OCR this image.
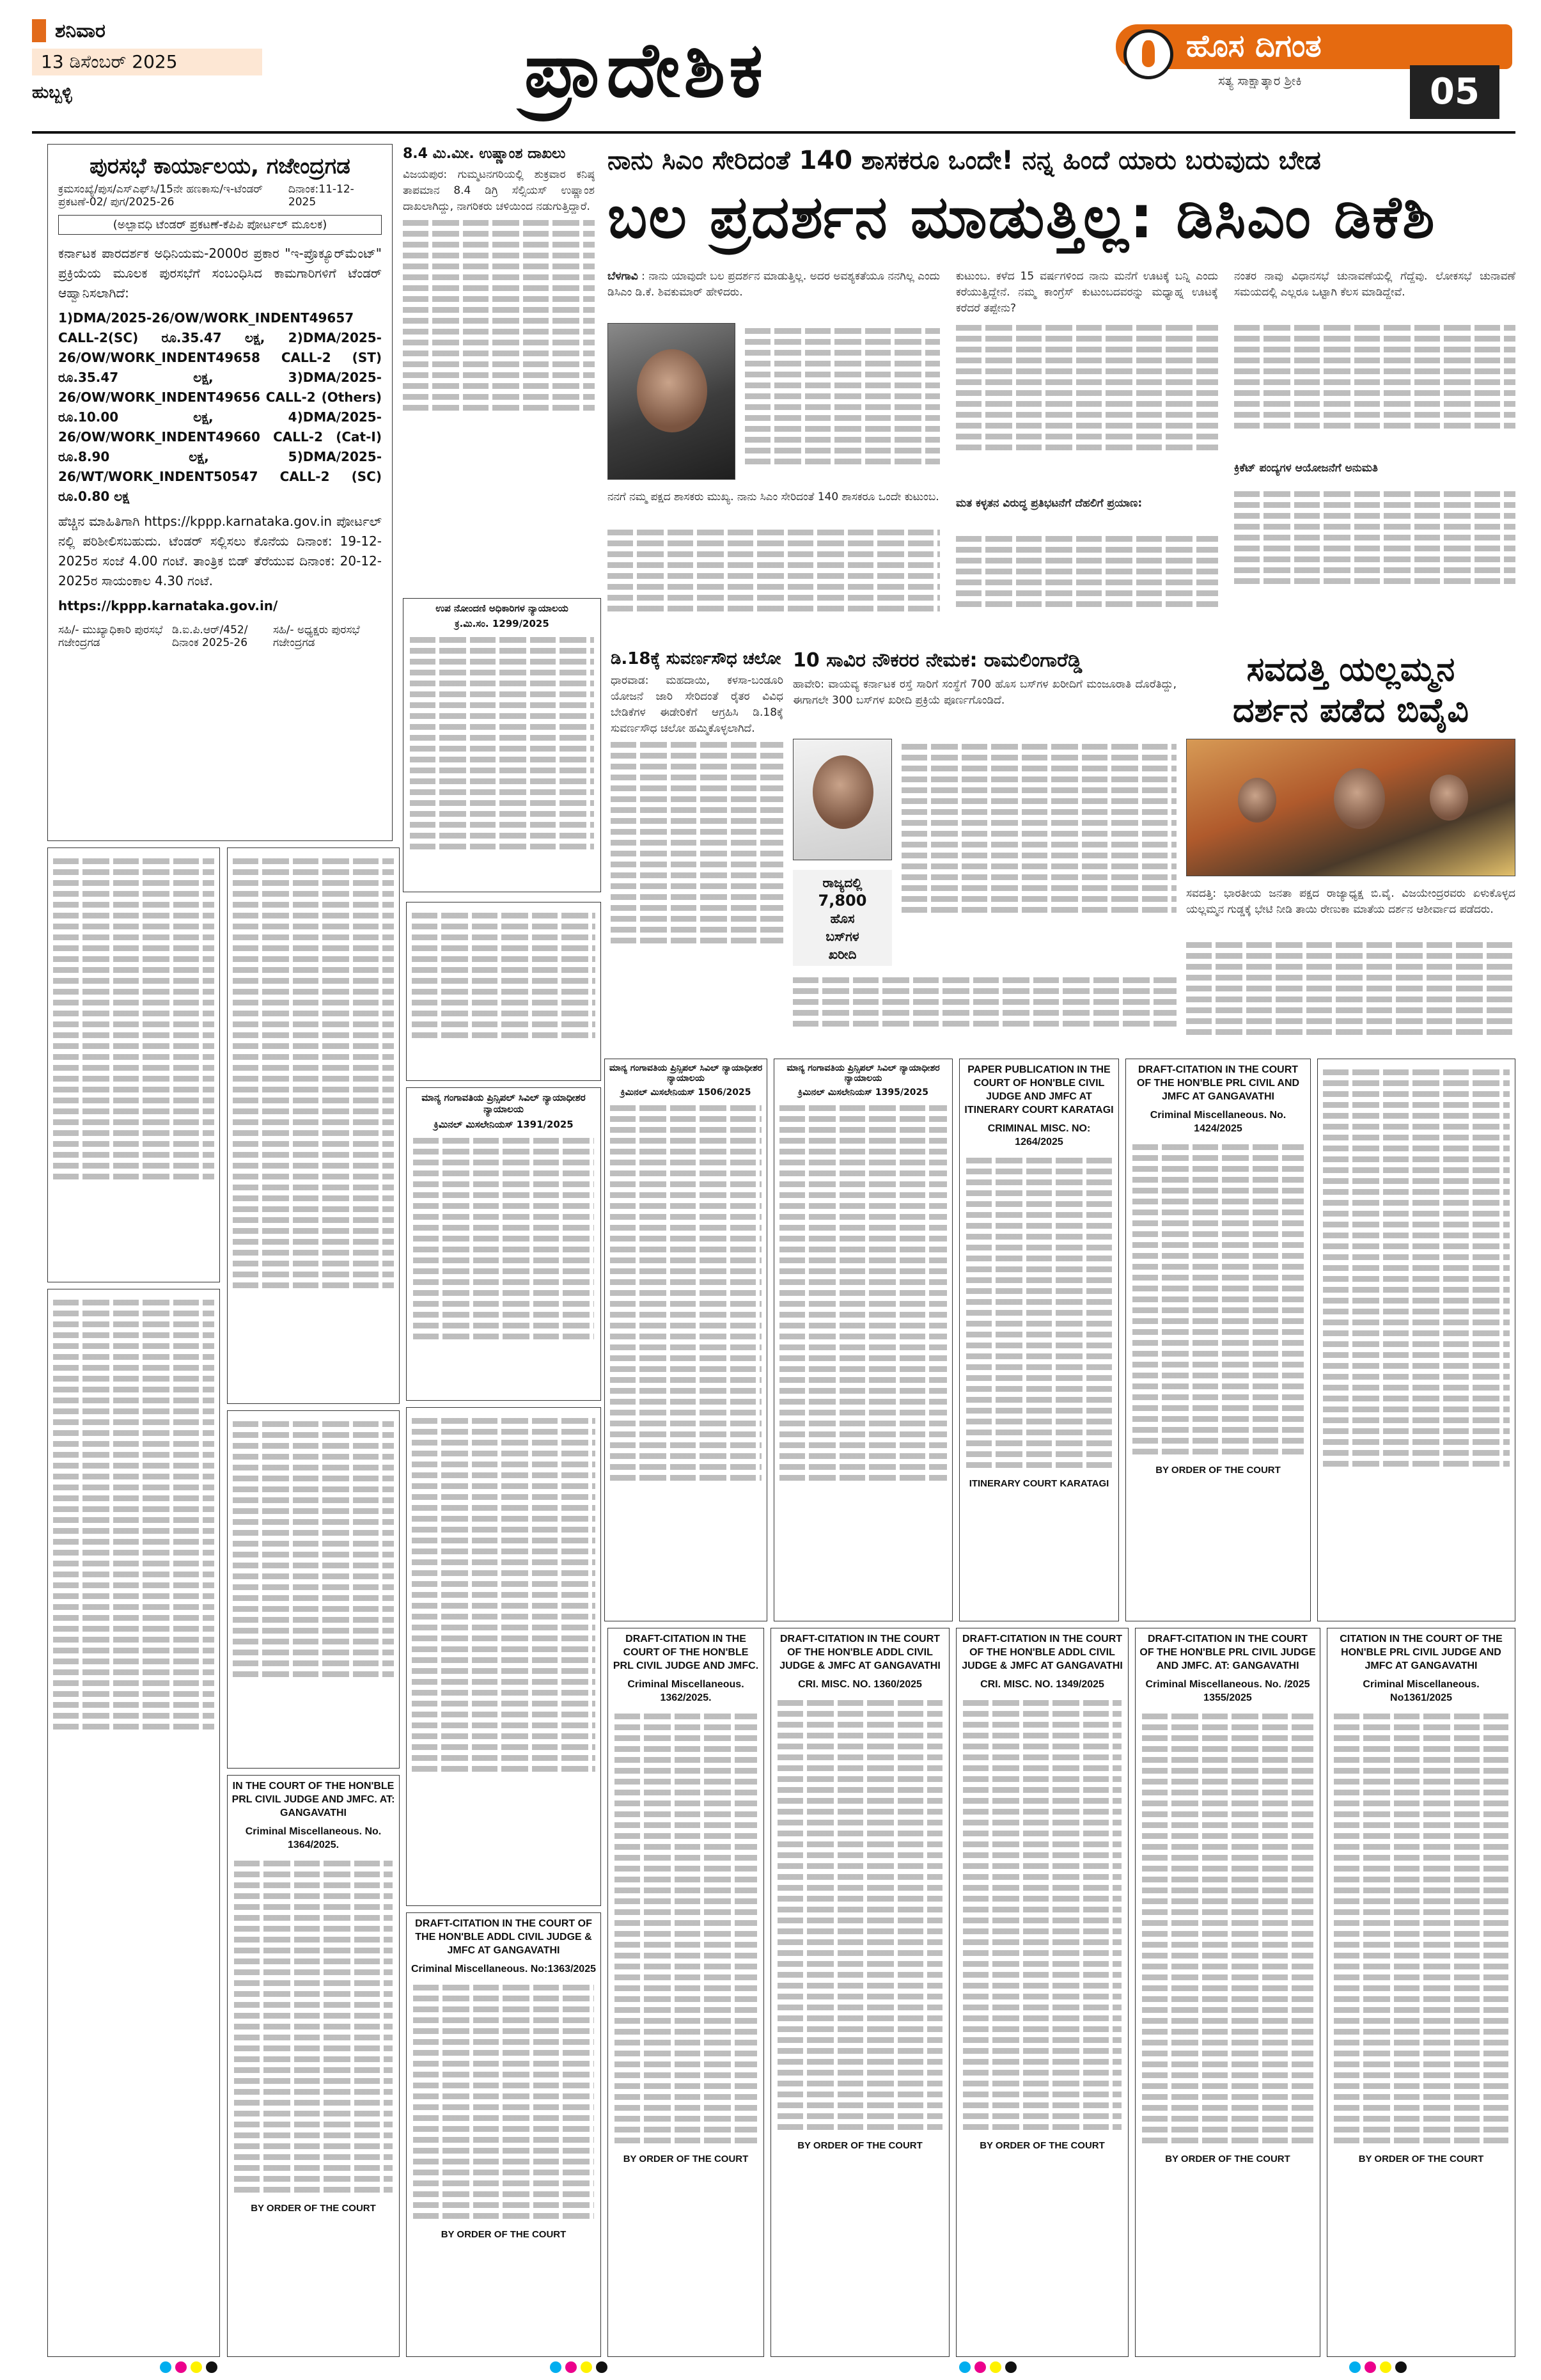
ಶನಿವಾರ
13 ಡಿಸೆಂಬರ್ 2025
ಹುಬ್ಬಳ್ಳಿ	ಪ್ರಾದೇಶಿಕ	ಹೊಸ ದಿಗಂತ
ಸತ್ಯ ಸಾಕ್ಷಾತ್ಕಾರ ಶ್ರೀಕಿ	05
ಪುರಸಭೆ ಕಾರ್ಯಾಲಯ, ಗಜೇಂದ್ರಗಡ
ಕ್ರಮಸಂಖ್ಯೆ/ಪುಸ/ಎಸ್‌ಎಫ್‌ಸಿ/15ನೇ ಹಣಕಾಸು/ಇ-ಟೆಂಡರ್ ಪ್ರಕಟಣೆ-02/ ಪುಗ/2025-26
ದಿನಾಂಕ:11-12-2025
(ಅಲ್ಪಾವಧಿ ಟೆಂಡರ್ ಪ್ರಕಟಣೆ-ಕೆಪಿಪಿ ಪೋರ್ಟಲ್ ಮೂಲಕ)
ಕರ್ನಾಟಕ ಪಾರದರ್ಶಕ ಅಧಿನಿಯಮ-2000ರ ಪ್ರಕಾರ "ಇ-ಪ್ರೊಕ್ಯೂರ್‌ಮೆಂಟ್" ಪ್ರಕ್ರಿಯೆಯ ಮೂಲಕ ಪುರಸಭೆಗೆ ಸಂಬಂಧಿಸಿದ ಕಾಮಗಾರಿಗಳಿಗೆ ಟೆಂಡರ್ ಆಹ್ವಾನಿಸಲಾಗಿದೆ:
1)DMA/2025-26/OW/WORK_INDENT49657 CALL-2(SC) ರೂ.35.47 ಲಕ್ಷ, 2)DMA/2025-26/OW/WORK_INDENT49658 CALL-2 (ST) ರೂ.35.47 ಲಕ್ಷ, 3)DMA/2025-26/OW/WORK_INDENT49656 CALL-2 (Others) ರೂ.10.00 ಲಕ್ಷ, 4)DMA/2025-26/OW/WORK_INDENT49660 CALL-2 (Cat-I) ರೂ.8.90 ಲಕ್ಷ, 5)DMA/2025-26/WT/WORK_INDENT50547 CALL-2 (SC) ರೂ.0.80 ಲಕ್ಷ
ಹೆಚ್ಚಿನ ಮಾಹಿತಿಗಾಗಿ https://kppp.karnataka.gov.in ಪೋರ್ಟಲ್ ನಲ್ಲಿ ಪರಿಶೀಲಿಸಬಹುದು. ಟೆಂಡರ್ ಸಲ್ಲಿಸಲು ಕೊನೆಯ ದಿನಾಂಕ: 19-12-2025ರ ಸಂಜೆ 4.00 ಗಂಟೆ. ತಾಂತ್ರಿಕ ಬಿಡ್ ತೆರೆಯುವ ದಿನಾಂಕ: 20-12-2025ರ ಸಾಯಂಕಾಲ 4.30 ಗಂಟೆ.
https://kppp.karnataka.gov.in/
ಸಹಿ/- ಮುಖ್ಯಾಧಿಕಾರಿ ಪುರಸಭೆ ಗಜೇಂದ್ರಗಡ
ಡಿ.ಐ.ಪಿ.ಆರ್/452/ ದಿನಾಂಕ 2025-26
ಸಹಿ/- ಅಧ್ಯಕ್ಷರು ಪುರಸಭೆ ಗಜೇಂದ್ರಗಡ
8.4 ಮಿ.ಮೀ. ಉಷ್ಣಾಂಶ ದಾಖಲು
ವಿಜಯಪುರ: ಗುಮ್ಮಟನಗರಿಯಲ್ಲಿ ಶುಕ್ರವಾರ ಕನಿಷ್ಠ ತಾಪಮಾನ 8.4 ಡಿಗ್ರಿ ಸೆಲ್ಸಿಯಸ್ ಉಷ್ಣಾಂಶ ದಾಖಲಾಗಿದ್ದು, ನಾಗರಿಕರು ಚಳಿಯಿಂದ ನಡುಗುತ್ತಿದ್ದಾರೆ.
ನಾನು ಸಿಎಂ ಸೇರಿದಂತೆ 140 ಶಾಸಕರೂ ಒಂದೇ! ನನ್ನ ಹಿಂದೆ ಯಾರು ಬರುವುದು ಬೇಡ
ಬಲ ಪ್ರದರ್ಶನ ಮಾಡುತ್ತಿಲ್ಲ: ಡಿಸಿಎಂ ಡಿಕೆಶಿ
ಬೆಳಗಾವಿ : ನಾನು ಯಾವುದೇ ಬಲ ಪ್ರದರ್ಶನ ಮಾಡುತ್ತಿಲ್ಲ. ಅದರ ಅವಶ್ಯಕತೆಯೂ ನನಗಿಲ್ಲ ಎಂದು ಡಿಸಿಎಂ ಡಿ.ಕೆ. ಶಿವಕುಮಾರ್ ಹೇಳಿದರು.
ನನಗೆ ನಮ್ಮ ಪಕ್ಷದ ಶಾಸಕರು ಮುಖ್ಯ. ನಾನು ಸಿಎಂ ಸೇರಿದಂತೆ 140 ಶಾಸಕರೂ ಒಂದೇ ಕುಟುಂಬ.
ಕುಟುಂಬ. ಕಳೆದ 15 ವರ್ಷಗಳಿಂದ ನಾನು ಮನೆಗೆ ಊಟಕ್ಕೆ ಬನ್ನಿ ಎಂದು ಕರೆಯುತ್ತಿದ್ದೇನೆ. ನಮ್ಮ ಕಾಂಗ್ರೆಸ್ ಕುಟುಂಬದವರನ್ನು ಮಧ್ಯಾಹ್ನ ಊಟಕ್ಕೆ ಕರೆದರೆ ತಪ್ಪೇನು?
ಮತ ಕಳ್ಳತನ ವಿರುದ್ಧ ಪ್ರತಿಭಟನೆಗೆ ದೆಹಲಿಗೆ ಪ್ರಯಾಣ:
ನಂತರ ನಾವು ವಿಧಾನಸಭೆ ಚುನಾವಣೆಯಲ್ಲಿ ಗೆದ್ದೆವು. ಲೋಕಸಭೆ ಚುನಾವಣೆ ಸಮಯದಲ್ಲಿ ಎಲ್ಲರೂ ಒಟ್ಟಾಗಿ ಕೆಲಸ ಮಾಡಿದ್ದೇವೆ.
ಕ್ರಿಕೆಟ್ ಪಂದ್ಯಗಳ ಆಯೋಜನೆಗೆ ಅನುಮತಿ
ಉಪ ನೋಂದಣಿ ಅಧಿಕಾರಿಗಳ ನ್ಯಾಯಾಲಯ
ಕ್ರ.ಮಿ.ಸಂ. 1299/2025
ಡಿ.18ಕ್ಕೆ ಸುವರ್ಣಸೌಧ ಚಲೋ
ಧಾರವಾಡ: ಮಹದಾಯಿ, ಕಳಸಾ-ಬಂಡೂರಿ ಯೋಜನೆ ಜಾರಿ ಸೇರಿದಂತೆ ರೈತರ ವಿವಿಧ ಬೇಡಿಕೆಗಳ ಈಡೇರಿಕೆಗೆ ಆಗ್ರಹಿಸಿ ಡಿ.18ಕ್ಕೆ ಸುವರ್ಣಸೌಧ ಚಲೋ ಹಮ್ಮಿಕೊಳ್ಳಲಾಗಿದೆ.
10 ಸಾವಿರ ನೌಕರರ ನೇಮಕ: ರಾಮಲಿಂಗಾರೆಡ್ಡಿ
ಹಾವೇರಿ: ವಾಯವ್ಯ ಕರ್ನಾಟಕ ರಸ್ತೆ ಸಾರಿಗೆ ಸಂಸ್ಥೆಗೆ 700 ಹೊಸ ಬಸ್‌ಗಳ ಖರೀದಿಗೆ ಮಂಜೂರಾತಿ ದೊರೆತಿದ್ದು, ಈಗಾಗಲೇ 300 ಬಸ್‌ಗಳ ಖರೀದಿ ಪ್ರಕ್ರಿಯೆ ಪೂರ್ಣಗೊಂಡಿದೆ.
ರಾಜ್ಯದಲ್ಲಿ
7,800
ಹೊಸ
ಬಸ್‌ಗಳ
ಖರೀದಿ
ಸವದತ್ತಿ ಯಲ್ಲಮ್ಮನ
ದರ್ಶನ ಪಡೆದ ಬಿವೈವಿ
ಸವದತ್ತಿ: ಭಾರತೀಯ ಜನತಾ ಪಕ್ಷದ ರಾಜ್ಯಾಧ್ಯಕ್ಷ ಬಿ.ವೈ. ವಿಜಯೇಂದ್ರರವರು ಏಳುಕೊಳ್ಳದ ಯಲ್ಲಮ್ಮನ ಗುಡ್ಡಕ್ಕೆ ಭೇಟಿ ನೀಡಿ ತಾಯಿ ರೇಣುಕಾ ಮಾತೆಯ ದರ್ಶನ ಆಶೀರ್ವಾದ ಪಡೆದರು.
ಮಾನ್ಯ ಗಂಗಾವತಿಯ ಪ್ರಿನ್ಸಿಪಲ್ ಸಿವಿಲ್ ನ್ಯಾಯಾಧೀಶರ ನ್ಯಾಯಾಲಯ
ಕ್ರಿಮಿನಲ್ ಮಿಸಲೇನಿಯಸ್ 1391/2025
ಮಾನ್ಯ ಗಂಗಾವತಿಯ ಪ್ರಿನ್ಸಿಪಲ್ ಸಿವಿಲ್ ನ್ಯಾಯಾಧೀಶರ ನ್ಯಾಯಾಲಯ
ಕ್ರಿಮಿನಲ್ ಮಿಸಲೇನಿಯಸ್ 1506/2025
ಮಾನ್ಯ ಗಂಗಾವತಿಯ ಪ್ರಿನ್ಸಿಪಲ್ ಸಿವಿಲ್ ನ್ಯಾಯಾಧೀಶರ ನ್ಯಾಯಾಲಯ
ಕ್ರಿಮಿನಲ್ ಮಿಸಲೇನಿಯಸ್ 1395/2025
PAPER PUBLICATION IN THE COURT OF HON'BLE CIVIL JUDGE AND JMFC AT ITINERARY COURT KARATAGI
CRIMINAL MISC. NO: 1264/2025
ITINERARY COURT KARATAGI
DRAFT-CITATION IN THE COURT OF THE HON'BLE PRL CIVIL AND JMFC AT GANGAVATHI
Criminal Miscellaneous. No. 1424/2025
BY ORDER OF THE COURT
IN THE COURT OF THE HON'BLE PRL CIVIL JUDGE AND JMFC. AT: GANGAVATHI
Criminal Miscellaneous. No. 1364/2025.
BY ORDER OF THE COURT
DRAFT-CITATION IN THE COURT OF THE HON'BLE ADDL CIVIL JUDGE & JMFC AT GANGAVATHI
Criminal Miscellaneous. No:1363/2025
BY ORDER OF THE COURT
DRAFT-CITATION IN THE COURT OF THE HON'BLE PRL CIVIL JUDGE AND JMFC.
Criminal Miscellaneous. 1362/2025.
BY ORDER OF THE COURT
DRAFT-CITATION IN THE COURT OF THE HON'BLE ADDL CIVIL JUDGE & JMFC AT GANGAVATHI
CRI. MISC. NO. 1360/2025
BY ORDER OF THE COURT
DRAFT-CITATION IN THE COURT OF THE HON'BLE ADDL CIVIL JUDGE & JMFC AT GANGAVATHI
CRI. MISC. NO. 1349/2025
BY ORDER OF THE COURT
DRAFT-CITATION IN THE COURT OF THE HON'BLE PRL CIVIL JUDGE AND JMFC. AT: GANGAVATHI
Criminal Miscellaneous. No. /2025 1355/2025
BY ORDER OF THE COURT
CITATION IN THE COURT OF THE HON'BLE PRL CIVIL JUDGE AND JMFC AT GANGAVATHI
Criminal Miscellaneous. No1361/2025
BY ORDER OF THE COURT
